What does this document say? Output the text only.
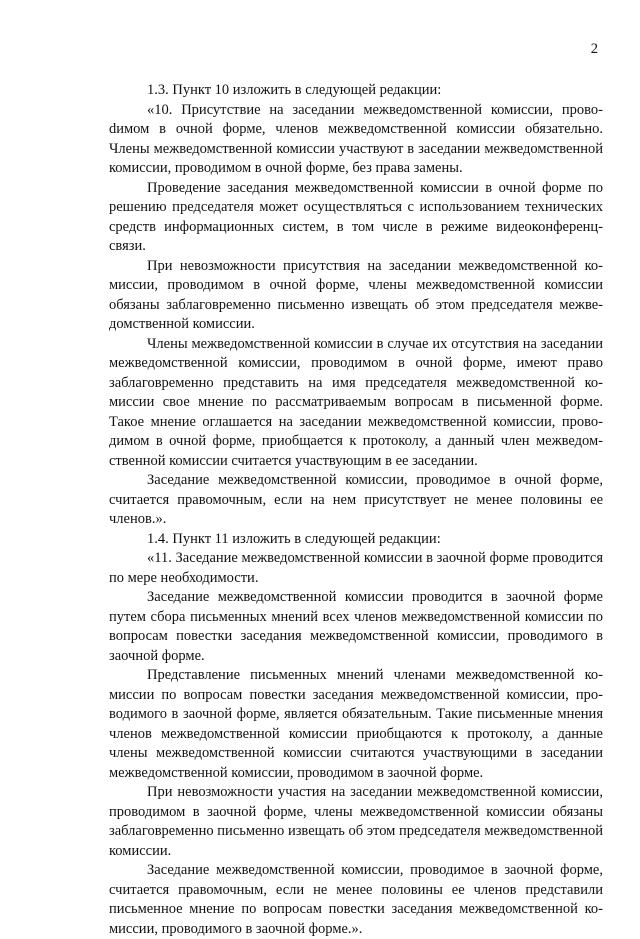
2

1.3. Пункт 10 изложить в следующей редакции:

«10. Присутствие на заседании межведомственной комиссии, провоdимом в очной форме, членов межведомственной комиссии обязательно. Члены межведомственной комиссии участвуют в заседании межведомственной комиссии, проводимом в очной форме, без права замены.

Проведение заседания межведомственной комиссии в очной форме по решению председателя может осуществляться с использованием технических средств информационных систем, в том числе в режиме видеоконференц-связи.

При невозможности присутствия на заседании межведомственной комиссии, проводимом в очной форме, члены межведомственной комиссии обязаны заблаговременно письменно извещать об этом председателя межведомственной комиссии.

Члены межведомственной комиссии в случае их отсутствия на заседании межведомственной комиссии, проводимом в очной форме, имеют право заблаговременно представить на имя председателя межведомственной комиссии свое мнение по рассматриваемым вопросам в письменной форме. Такое мнение оглашается на заседании межведомственной комиссии, проводимом в очной форме, приобщается к протоколу, а данный член межведомственной комиссии считается участвующим в ее заседании.

Заседание межведомственной комиссии, проводимое в очной форме, считается правомочным, если на нем присутствует не менее половины ее членов.».

1.4. Пункт 11 изложить в следующей редакции:

«11. Заседание межведомственной комиссии в заочной форме проводится по мере необходимости.

Заседание межведомственной комиссии проводится в заочной форме путем сбора письменных мнений всех членов межведомственной комиссии по вопросам повестки заседания межведомственной комиссии, проводимого в заочной форме.

Представление письменных мнений членами межведомственной комиссии по вопросам повестки заседания межведомственной комиссии, проводимого в заочной форме, является обязательным. Такие письменные мнения членов межведомственной комиссии приобщаются к протоколу, а данные члены межведомственной комиссии считаются участвующими в заседании межведомственной комиссии, проводимом в заочной форме.

При невозможности участия на заседании межведомственной комиссии, проводимом в заочной форме, члены межведомственной комиссии обязаны заблаговременно письменно извещать об этом председателя межведомственной комиссии.

Заседание межведомственной комиссии, проводимое в заочной форме, считается правомочным, если не менее половины ее членов представили письменное мнение по вопросам повестки заседания межведомственной комиссии, проводимого в заочной форме.».
